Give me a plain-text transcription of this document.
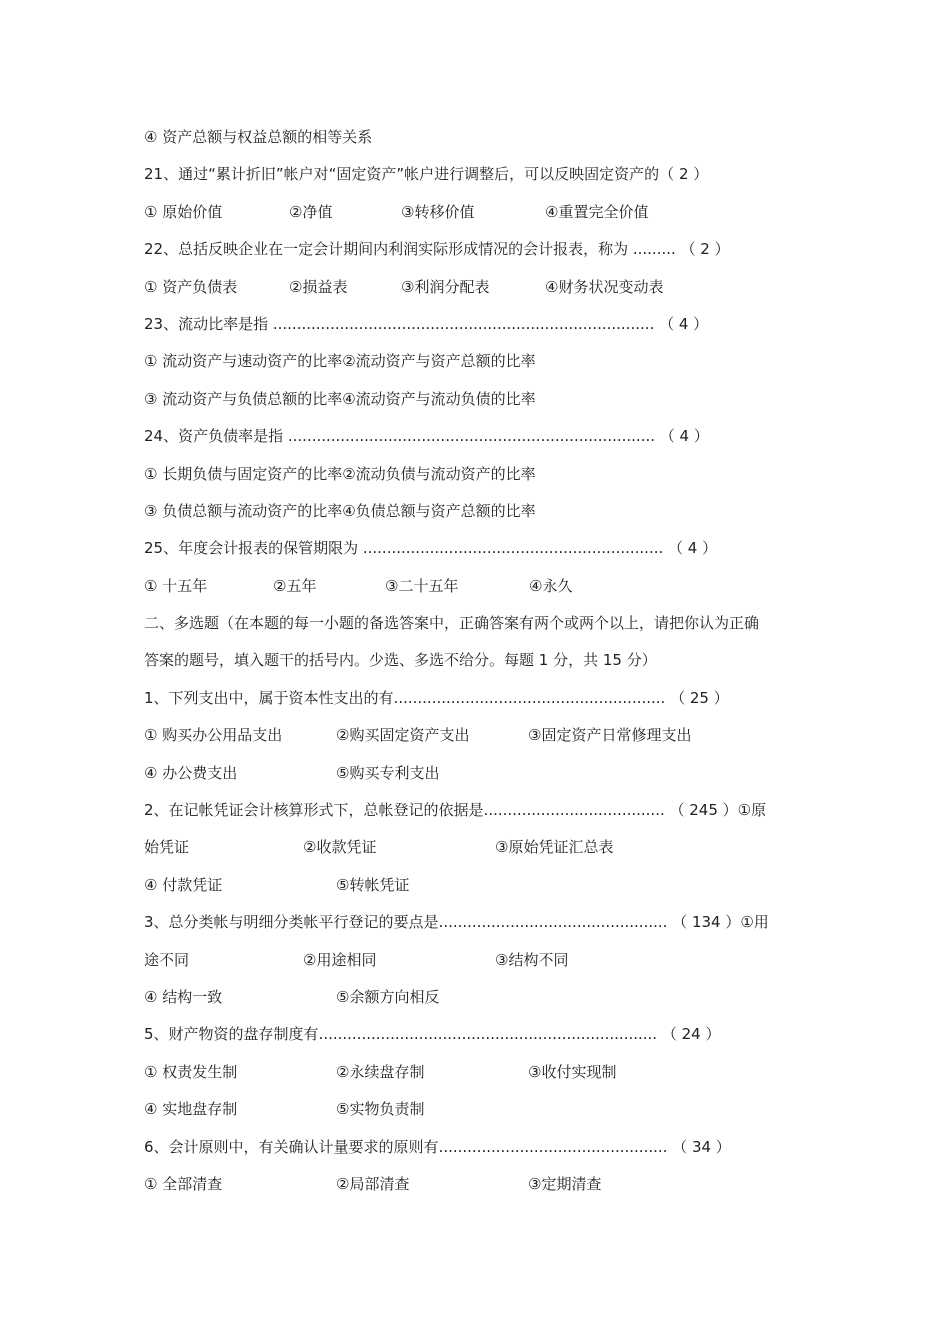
④ 资产总额与权益总额的相等关系
21、通过“累计折旧”帐户对“固定资产”帐户进行调整后，可以反映固定资产的（ 2 ）
① 原始价值	②净值	③转移价值	④重置完全价值
22、总括反映企业在一定会计期间内利润实际形成情况的会计报表，称为 ......... （ 2 ）
① 资产负债表	②损益表	③利润分配表	④财务状况变动表
23、流动比率是指 ................................................................................ （ 4 ）
① 流动资产与速动资产的比率②流动资产与资产总额的比率
③ 流动资产与负债总额的比率④流动资产与流动负债的比率
24、资产负债率是指 ............................................................................. （ 4 ）
① 长期负债与固定资产的比率②流动负债与流动资产的比率
③ 负债总额与流动资产的比率④负债总额与资产总额的比率
25、年度会计报表的保管期限为 ............................................................... （ 4 ）
① 十五年	②五年	③二十五年	④永久
二、多选题（在本题的每一小题的备选答案中，正确答案有两个或两个以上，请把你认为正确
答案的题号，填入题干的括号内。少选、多选不给分。每题 1 分，共 15 分）
1、下列支出中，属于资本性支出的有......................................................... （ 25 ）
① 购买办公用品支出	②购买固定资产支出	③固定资产日常修理支出
④ 办公费支出	⑤购买专利支出
2、在记帐凭证会计核算形式下，总帐登记的依据是...................................... （ 245 ）①原
始凭证	②收款凭证	③原始凭证汇总表
④ 付款凭证	⑤转帐凭证
3、总分类帐与明细分类帐平行登记的要点是................................................ （ 134 ）①用
途不同	②用途相同	③结构不同
④ 结构一致	⑤余额方向相反
5、财产物资的盘存制度有....................................................................... （ 24 ）
① 权责发生制	②永续盘存制	③收付实现制
④ 实地盘存制	⑤实物负责制
6、会计原则中，有关确认计量要求的原则有................................................ （ 34 ）
① 全部清查	②局部清查	③定期清查
